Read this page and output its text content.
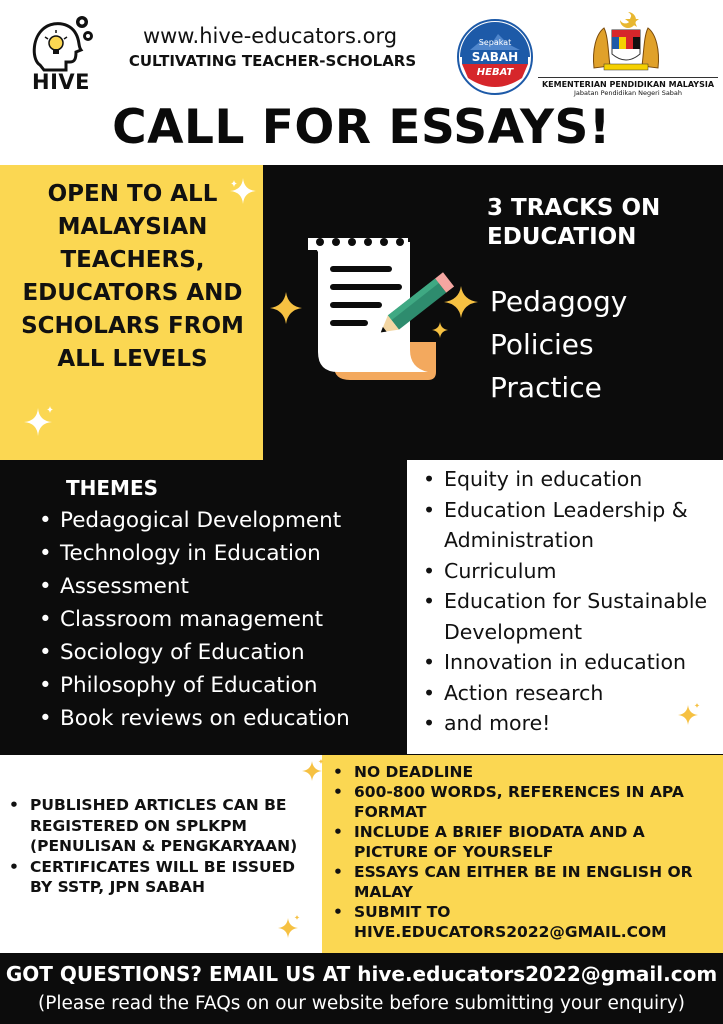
HIVE
www.hive-educators.org
CULTIVATING TEACHER-SCHOLARS
Sepakat
SABAH
HEBAT
KEMENTERIAN PENDIDIKAN MALAYSIA
Jabatan Pendidikan Negeri Sabah
CALL FOR ESSAYS!
OPEN TO ALL MALAYSIAN TEACHERS, EDUCATORS AND SCHOLARS FROM ALL LEVELS
3 TRACKS ON EDUCATION
Pedagogy
Policies
Practice
THEMES
• Pedagogical Development
• Technology in Education
• Assessment
• Classroom management
• Sociology of Education
• Philosophy of Education
• Book reviews on education
• Equity in education
• Education Leadership & Administration
• Curriculum
• Education for Sustainable Development
• Innovation in education
• Action research
• and more!
• PUBLISHED ARTICLES CAN BE REGISTERED ON SPLKPM (PENULISAN & PENGKARYAAN)
• CERTIFICATES WILL BE ISSUED BY SSTP, JPN SABAH
• NO DEADLINE
• 600-800 WORDS, REFERENCES IN APA FORMAT
• INCLUDE A BRIEF BIODATA AND A PICTURE OF YOURSELF
• ESSAYS CAN EITHER BE IN ENGLISH OR MALAY
• SUBMIT TO HIVE.EDUCATORS2022@GMAIL.COM
GOT QUESTIONS? EMAIL US AT hive.educators2022@gmail.com
(Please read the FAQs on our website before submitting your enquiry)
